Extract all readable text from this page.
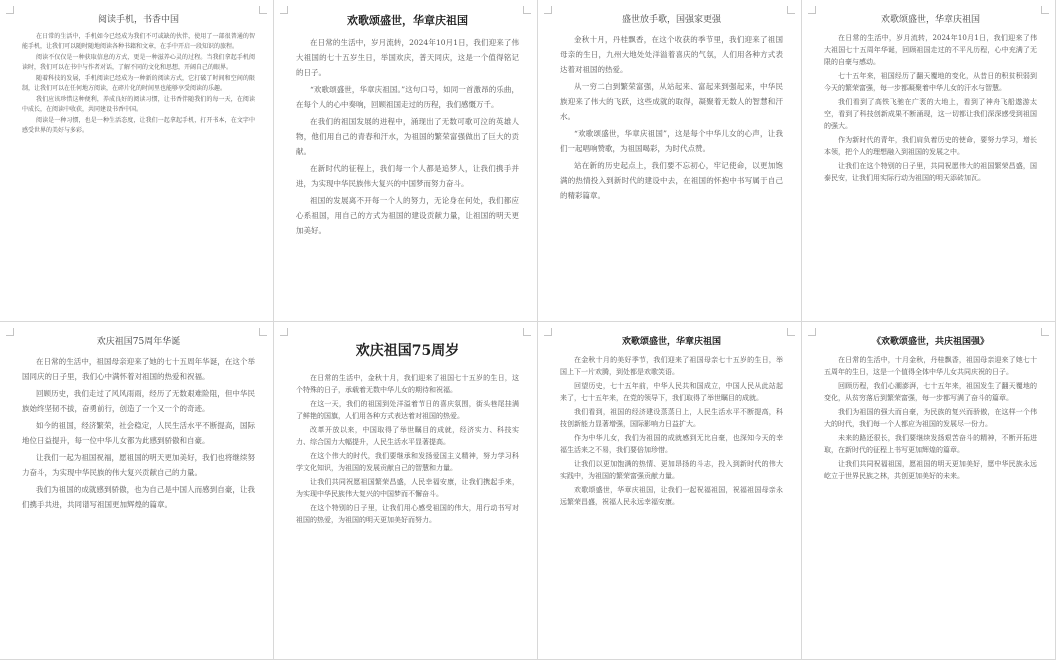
阅读手机，书香中国

在日常的生活中，手机如今已经成为我们不可或缺的伙伴，使用了一部很普通的智能手机，让我们可以随时随地阅读各种书籍和文章，在手中开启一段知识的旅程。

阅读不仅仅是一种获取信息的方式，更是一种滋养心灵的过程。当我们拿起手机阅读时，我们可以在书中与作者对话，了解不同的文化和思想，开阔自己的眼界。

随着科技的发展，手机阅读已经成为一种新的阅读方式，它打破了时间和空间的限制，让我们可以在任何地方阅读，在碎片化的时间里也能够享受阅读的乐趣。

我们应该珍惜这种便利，养成良好的阅读习惯，让书香伴随我们的每一天，在阅读中成长，在阅读中收获，共同建设书香中国。

阅读是一种习惯，也是一种生活态度，让我们一起拿起手机，打开书本，在文字中感受世界的美好与多彩。

欢歌颂盛世，华章庆祖国

在日常的生活中，岁月流转，2024年10月1日，我们迎来了伟大祖国的七十五岁生日，举国欢庆，普天同庆，这是一个值得铭记的日子。

“欢歌颂盛世，华章庆祖国。”这句口号，如同一首激昂的乐曲，在每个人的心中奏响，回顾祖国走过的历程，我们感慨万千。

在我们的祖国发展的进程中，涌现出了无数可歌可泣的英雄人物，他们用自己的青春和汗水，为祖国的繁荣富强做出了巨大的贡献。

在新时代的征程上，我们每一个人都是追梦人，让我们携手并进，为实现中华民族伟大复兴的中国梦而努力奋斗。

祖国的发展离不开每一个人的努力，无论身在何处，我们都应心系祖国，用自己的方式为祖国的建设贡献力量，让祖国的明天更加美好。

盛世放手歌，国强家更强

金秋十月，丹桂飘香，在这个收获的季节里，我们迎来了祖国母亲的生日，九州大地处处洋溢着喜庆的气氛，人们用各种方式表达着对祖国的热爱。

从一穷二白到繁荣富强，从站起来、富起来到强起来，中华民族迎来了伟大的飞跃，这些成就的取得，凝聚着无数人的智慧和汗水。

“欢歌颂盛世，华章庆祖国”，这是每个中华儿女的心声，让我们一起唱响赞歌，为祖国喝彩，为时代点赞。

站在新的历史起点上，我们要不忘初心，牢记使命，以更加饱满的热情投入到新时代的建设中去，在祖国的怀抱中书写属于自己的精彩篇章。

欢歌颂盛世，华章庆祖国

在日常的生活中，岁月流转，2024年10月1日，我们迎来了伟大祖国七十五周年华诞，回顾祖国走过的不平凡历程，心中充满了无限的自豪与感动。

七十五年来，祖国经历了翻天覆地的变化，从昔日的积贫积弱到今天的繁荣富强，每一步都凝聚着中华儿女的汗水与智慧。

我们看到了高铁飞驰在广袤的大地上，看到了神舟飞船遨游太空，看到了科技创新成果不断涌现，这一切都让我们深深感受到祖国的强大。

作为新时代的青年，我们肩负着历史的使命，要努力学习，增长本领，把个人的理想融入到祖国的发展之中。

让我们在这个特别的日子里，共同祝愿伟大的祖国繁荣昌盛，国泰民安，让我们用实际行动为祖国的明天添砖加瓦。

欢庆祖国75周年华诞

在日常的生活中，祖国母亲迎来了她的七十五周年华诞，在这个举国同庆的日子里，我们心中满怀着对祖国的热爱和祝福。

回顾历史，我们走过了风风雨雨，经历了无数艰难险阻，但中华民族始终坚韧不拔，奋勇前行，创造了一个又一个的奇迹。

如今的祖国，经济繁荣，社会稳定，人民生活水平不断提高，国际地位日益提升，每一位中华儿女都为此感到骄傲和自豪。

让我们一起为祖国祝福，愿祖国的明天更加美好，我们也将继续努力奋斗，为实现中华民族的伟大复兴贡献自己的力量。

我们为祖国的成就感到骄傲，也为自己是中国人而感到自豪，让我们携手共进，共同谱写祖国更加辉煌的篇章。

欢庆祖国75周岁

在日常的生活中，金秋十月，我们迎来了祖国七十五岁的生日，这个特殊的日子，承载着无数中华儿女的期待和祝福。

在这一天，我们的祖国到处洋溢着节日的喜庆氛围，街头巷尾挂满了鲜艳的国旗，人们用各种方式表达着对祖国的热爱。

改革开放以来，中国取得了举世瞩目的成就，经济实力、科技实力、综合国力大幅提升，人民生活水平显著提高。

在这个伟大的时代，我们要继承和发扬爱国主义精神，努力学习科学文化知识，为祖国的发展贡献自己的智慧和力量。

让我们共同祝愿祖国繁荣昌盛，人民幸福安康，让我们携起手来，为实现中华民族伟大复兴的中国梦而不懈奋斗。

在这个特别的日子里，让我们用心感受祖国的伟大，用行动书写对祖国的热爱，为祖国的明天更加美好而努力。

欢歌颂盛世，华章庆祖国

在金秋十月的美好季节，我们迎来了祖国母亲七十五岁的生日，举国上下一片欢腾，到处都是欢歌笑语。

回望历史，七十五年前，中华人民共和国成立，中国人民从此站起来了，七十五年来，在党的领导下，我们取得了举世瞩目的成就。

我们看到，祖国的经济建设蒸蒸日上，人民生活水平不断提高，科技创新能力显著增强，国际影响力日益扩大。

作为中华儿女，我们为祖国的成就感到无比自豪，也深知今天的幸福生活来之不易，我们要倍加珍惜。

让我们以更加饱满的热情、更加昂扬的斗志，投入到新时代的伟大实践中，为祖国的繁荣富强贡献力量。

欢歌颂盛世，华章庆祖国，让我们一起祝福祖国，祝福祖国母亲永远繁荣昌盛，祝福人民永远幸福安康。

《欢歌颂盛世，共庆祖国强》

在日常的生活中，十月金秋，丹桂飘香，祖国母亲迎来了她七十五周年的生日，这是一个值得全体中华儿女共同庆祝的日子。

回顾历程，我们心潮澎湃，七十五年来，祖国发生了翻天覆地的变化，从贫穷落后到繁荣富强，每一步都写满了奋斗的篇章。

我们为祖国的强大而自豪，为民族的复兴而骄傲，在这样一个伟大的时代，我们每一个人都应为祖国的发展尽一份力。

未来的路还很长，我们要继续发扬艰苦奋斗的精神，不断开拓进取，在新时代的征程上书写更加辉煌的篇章。

让我们共同祝福祖国，愿祖国的明天更加美好，愿中华民族永远屹立于世界民族之林，共创更加美好的未来。
